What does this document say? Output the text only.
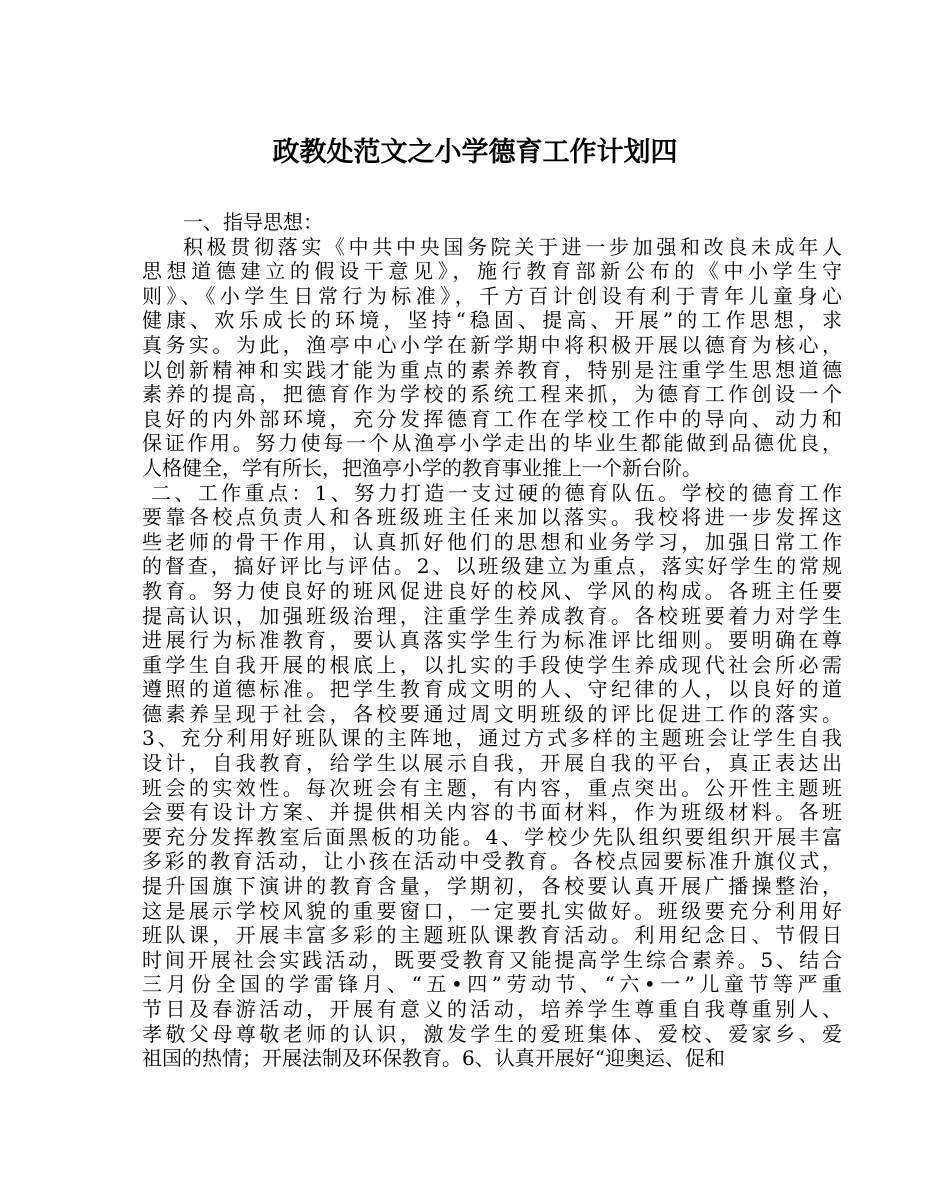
政教处范文之小学德育工作计划四
一、指导思想：
积极贯彻落实《中共中央国务院关于进一步加强和改良未成年人
思想道德建立的假设干意见》，施行教育部新公布的《中小学生守
则》、《小学生日常行为标准》，千方百计创设有利于青年儿童身心
健康、欢乐成长的环境，坚持“稳固、提高、开展”的工作思想，求
真务实。为此，渔亭中心小学在新学期中将积极开展以德育为核心，
以创新精神和实践才能为重点的素养教育，特别是注重学生思想道德
素养的提高，把德育作为学校的系统工程来抓，为德育工作创设一个
良好的内外部环境，充分发挥德育工作在学校工作中的导向、动力和
保证作用。努力使每一个从渔亭小学走出的毕业生都能做到品德优良，
人格健全，学有所长，把渔亭小学的教育事业推上一个新台阶。
二、工作重点：1、努力打造一支过硬的德育队伍。学校的德育工作
要靠各校点负责人和各班级班主任来加以落实。我校将进一步发挥这
些老师的骨干作用，认真抓好他们的思想和业务学习，加强日常工作
的督查，搞好评比与评估。2、以班级建立为重点，落实好学生的常规
教育。努力使良好的班风促进良好的校风、学风的构成。各班主任要
提高认识，加强班级治理，注重学生养成教育。各校班要着力对学生
进展行为标准教育，要认真落实学生行为标准评比细则。要明确在尊
重学生自我开展的根底上，以扎实的手段使学生养成现代社会所必需
遵照的道德标准。把学生教育成文明的人、守纪律的人，以良好的道
德素养呈现于社会，各校要通过周文明班级的评比促进工作的落实。
3、充分利用好班队课的主阵地，通过方式多样的主题班会让学生自我
设计，自我教育，给学生以展示自我，开展自我的平台，真正表达出
班会的实效性。每次班会有主题，有内容，重点突出。公开性主题班
会要有设计方案、并提供相关内容的书面材料，作为班级材料。各班
要充分发挥教室后面黑板的功能。4、学校少先队组织要组织开展丰富
多彩的教育活动，让小孩在活动中受教育。各校点园要标准升旗仪式，
提升国旗下演讲的教育含量，学期初，各校要认真开展广播操整治，
这是展示学校风貌的重要窗口，一定要扎实做好。班级要充分利用好
班队课，开展丰富多彩的主题班队课教育活动。利用纪念日、节假日
时间开展社会实践活动，既要受教育又能提高学生综合素养。5、结合
三月份全国的学雷锋月、“五•四”劳动节、“六•一”儿童节等严重
节日及春游活动，开展有意义的活动，培养学生尊重自我尊重别人、
孝敬父母尊敬老师的认识，激发学生的爱班集体、爱校、爱家乡、爱
祖国的热情；开展法制及环保教育。6、认真开展好“迎奥运、促和
